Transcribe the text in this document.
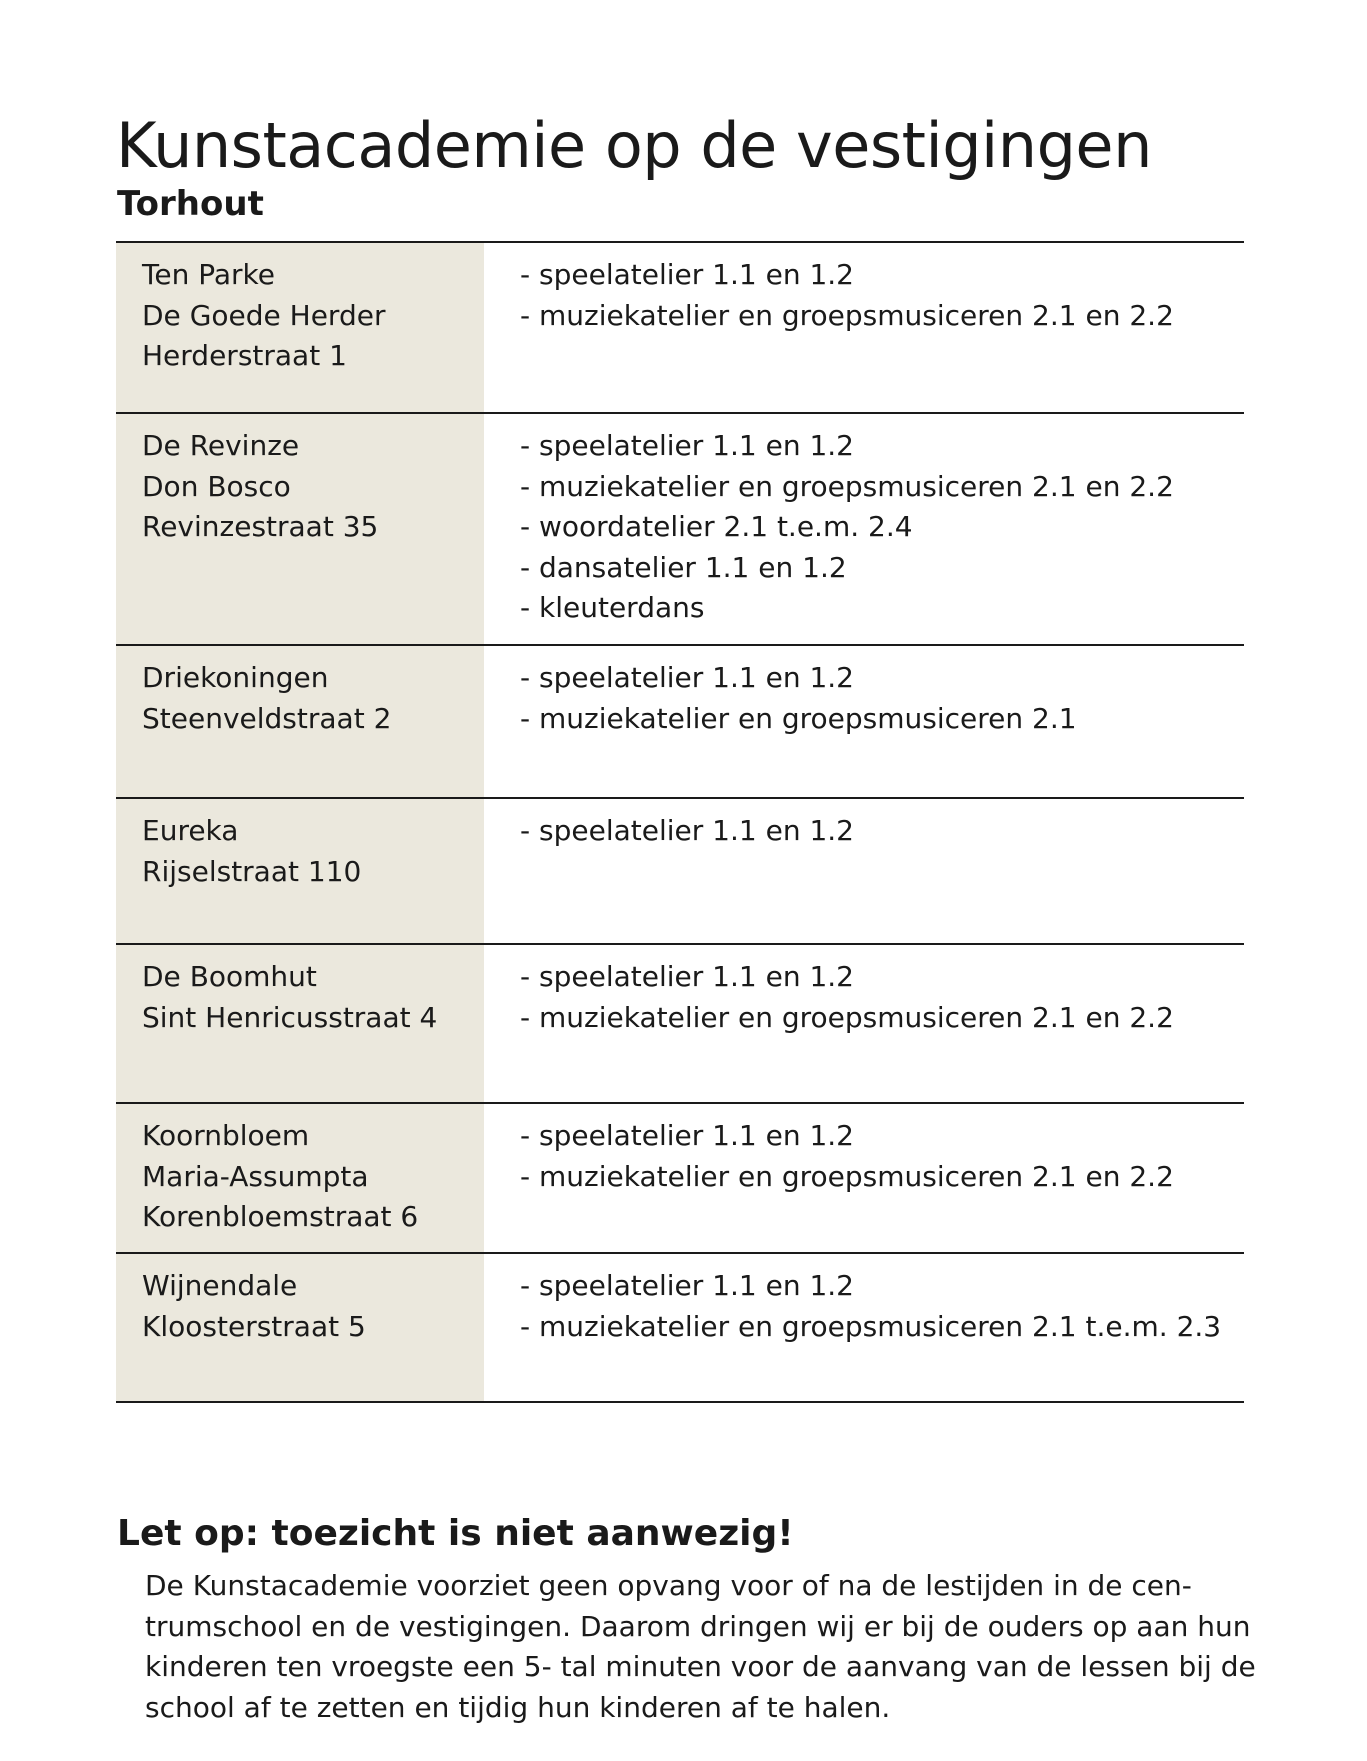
Kunstacademie op de vestigingen
Torhout
Ten Parke
De Goede Herder
Herderstraat 1
- speelatelier 1.1 en 1.2
- muziekatelier en groepsmusiceren 2.1 en 2.2
De Revinze
Don Bosco
Revinzestraat 35
- speelatelier 1.1 en 1.2
- muziekatelier en groepsmusiceren 2.1 en 2.2
- woordatelier 2.1 t.e.m. 2.4
- dansatelier 1.1 en 1.2
- kleuterdans
Driekoningen
Steenveldstraat 2
- speelatelier 1.1 en 1.2
- muziekatelier en groepsmusiceren 2.1
Eureka
Rijselstraat 110
- speelatelier 1.1 en 1.2
De Boomhut
Sint Henricusstraat 4
- speelatelier 1.1 en 1.2
- muziekatelier en groepsmusiceren 2.1 en 2.2
Koornbloem
Maria-Assumpta
Korenbloemstraat 6
- speelatelier 1.1 en 1.2
- muziekatelier en groepsmusiceren 2.1 en 2.2
Wijnendale
Kloosterstraat 5
- speelatelier 1.1 en 1.2
- muziekatelier en groepsmusiceren 2.1 t.e.m. 2.3
Let op: toezicht is niet aanwezig!

De Kunstacademie voorziet geen opvang voor of na de lestijden in de cen-
trumschool en de vestigingen. Daarom dringen wij er bij de ouders op aan hun
kinderen ten vroegste een 5- tal minuten voor de aanvang van de lessen bij de
school af te zetten en tijdig hun kinderen af te halen.
